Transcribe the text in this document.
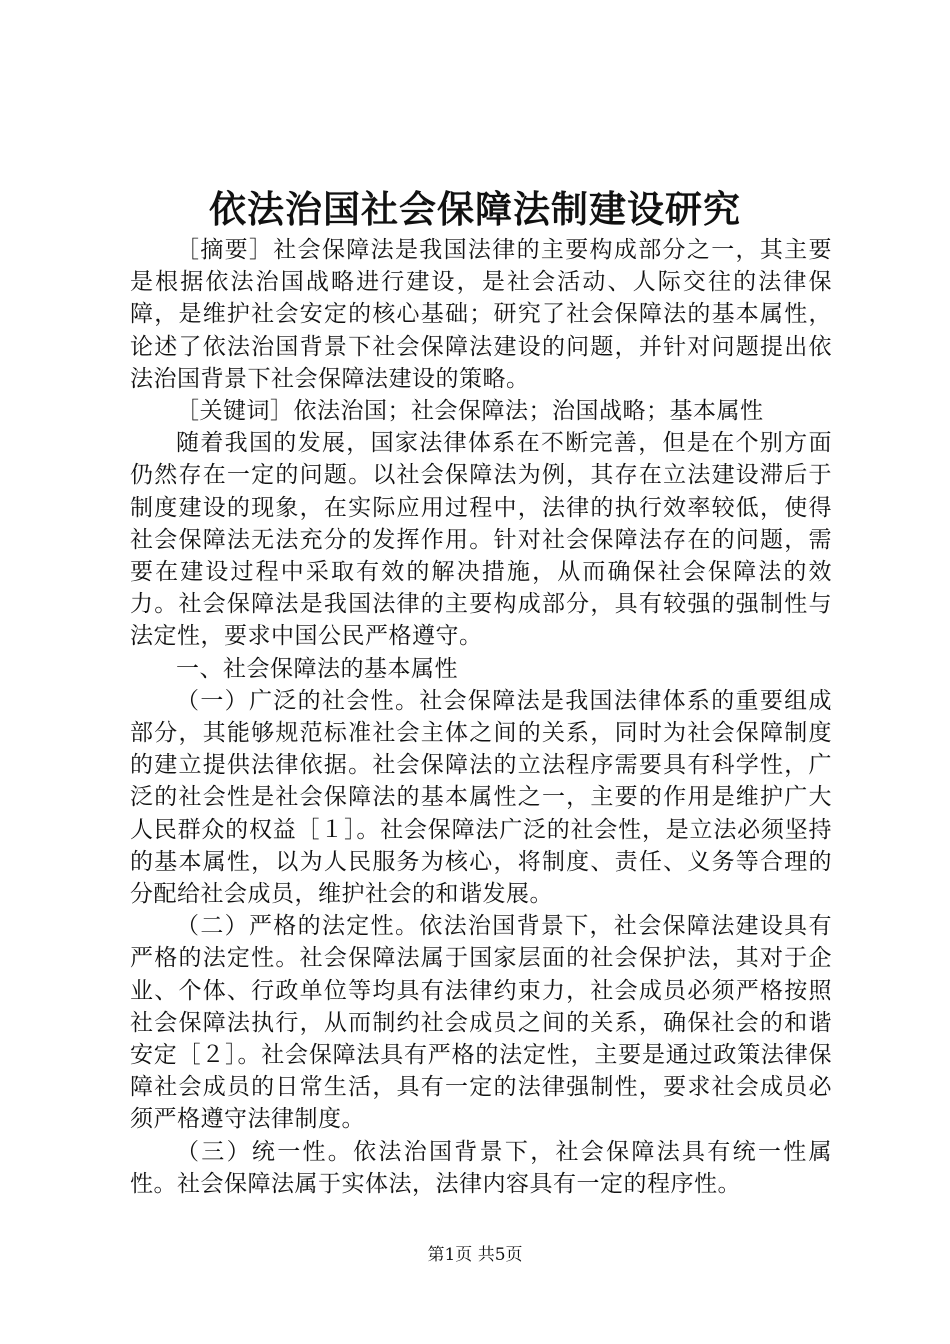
依法治国社会保障法制建设研究

［摘要］社会保障法是我国法律的主要构成部分之一，其主要是根据依法治国战略进行建设，是社会活动、人际交往的法律保障，是维护社会安定的核心基础；研究了社会保障法的基本属性，论述了依法治国背景下社会保障法建设的问题，并针对问题提出依法治国背景下社会保障法建设的策略。

［关键词］依法治国；社会保障法；治国战略；基本属性

随着我国的发展，国家法律体系在不断完善，但是在个别方面仍然存在一定的问题。以社会保障法为例，其存在立法建设滞后于制度建设的现象，在实际应用过程中，法律的执行效率较低，使得社会保障法无法充分的发挥作用。针对社会保障法存在的问题，需要在建设过程中采取有效的解决措施，从而确保社会保障法的效力。社会保障法是我国法律的主要构成部分，具有较强的强制性与法定性，要求中国公民严格遵守。

一、社会保障法的基本属性

（一）广泛的社会性。社会保障法是我国法律体系的重要组成部分，其能够规范标准社会主体之间的关系，同时为社会保障制度的建立提供法律依据。社会保障法的立法程序需要具有科学性，广泛的社会性是社会保障法的基本属性之一，主要的作用是维护广大人民群众的权益［１］。社会保障法广泛的社会性，是立法必须坚持的基本属性，以为人民服务为核心，将制度、责任、义务等合理的分配给社会成员，维护社会的和谐发展。

（二）严格的法定性。依法治国背景下，社会保障法建设具有严格的法定性。社会保障法属于国家层面的社会保护法，其对于企业、个体、行政单位等均具有法律约束力，社会成员必须严格按照社会保障法执行，从而制约社会成员之间的关系，确保社会的和谐安定［２］。社会保障法具有严格的法定性，主要是通过政策法律保障社会成员的日常生活，具有一定的法律强制性，要求社会成员必须严格遵守法律制度。

（三）统一性。依法治国背景下，社会保障法具有统一性属性。社会保障法属于实体法，法律内容具有一定的程序性。

第1页 共5页
